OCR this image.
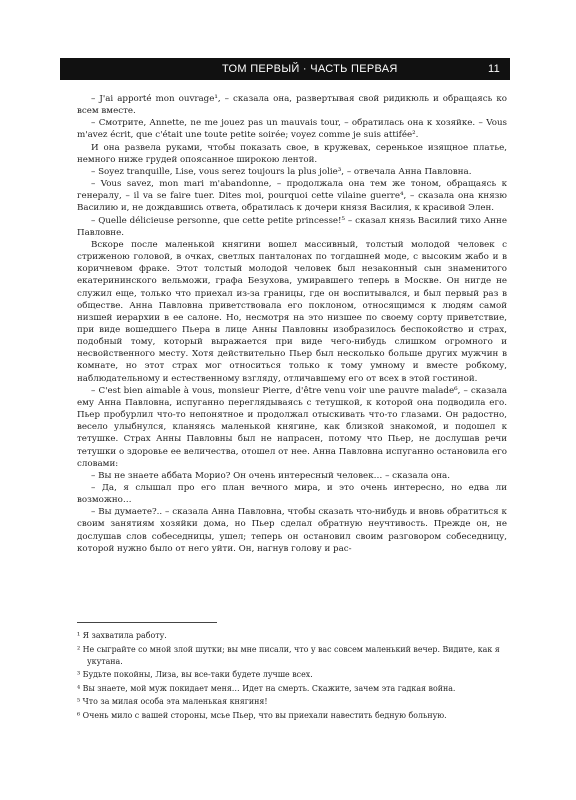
ТОМ ПЕРВЫЙ · ЧАСТЬ ПЕРВАЯ	11

– J'ai apporté mon ouvrage¹, – сказала она, развертывая свой ридикюль и обращаясь ко всем вместе.

– Смотрите, Annette, ne me jouez pas un mauvais tour, – обратилась она к хозяйке. – Vous m'avez écrit, que c'était une toute petite soirée; voyez comme je suis attifée².

И она развела руками, чтобы показать свое, в кружевах, серенькое изящное платье, немного ниже грудей опоясанное широкою лентой.

– Soyez tranquille, Lise, vous serez toujours la plus jolie³, – отвечала Анна Павловна.

– Vous savez, mon mari m'abandonne, – продолжала она тем же тоном, обращаясь к генералу, – il va se faire tuer. Dites moi, pourquoi cette vilaine guerre⁴, – сказала она князю Василию и, не дождавшись ответа, обратилась к дочери князя Василия, к красивой Элен.

– Quelle délicieuse personne, que cette petite princesse!⁵ – сказал князь Василий тихо Анне Павловне.

Вскоре после маленькой княгини вошел массивный, толстый молодой человек с стриженою головой, в очках, светлых панталонах по тогдашней моде, с высоким жабо и в коричневом фраке. Этот толстый молодой человек был незаконный сын знаменитого екатерининского вельможи, графа Безухова, умиравшего теперь в Москве. Он нигде не служил еще, только что приехал из-за границы, где он воспитывался, и был первый раз в обществе. Анна Павловна приветствовала его поклоном, относящимся к людям самой низшей иерархии в ее салоне. Но, несмотря на это низшее по своему сорту приветствие, при виде вошедшего Пьера в лице Анны Павловны изобразилось беспокойство и страх, подобный тому, который выражается при виде чего-нибудь слишком огромного и несвойственного месту. Хотя действительно Пьер был несколько больше других мужчин в комнате, но этот страх мог относиться только к тому умному и вместе робкому, наблюдательному и естественному взгляду, отличавшему его от всех в этой гостиной.

– C'est bien aimable à vous, monsieur Pierre, d'être venu voir une pauvre malade⁶, – сказала ему Анна Павловна, испуганно переглядываясь с тетушкой, к которой она подводила его. Пьер пробурлил что-то непонятное и продолжал отыскивать что-то глазами. Он радостно, весело улыбнулся, кланяясь маленькой княгине, как близкой знакомой, и подошел к тетушке. Страх Анны Павловны был не напрасен, потому что Пьер, не дослушав речи тетушки о здоровье ее величества, отошел от нее. Анна Павловна испуганно остановила его словами:

– Вы не знаете аббата Морио? Он очень интересный человек… – сказала она.

– Да, я слышал про его план вечного мира, и это очень интересно, но едва ли возможно…

– Вы думаете?.. – сказала Анна Павловна, чтобы сказать что-нибудь и вновь обратиться к своим занятиям хозяйки дома, но Пьер сделал обратную неучтивость. Прежде он, не дослушав слов собеседницы, ушел; теперь он остановил своим разговором собеседницу, которой нужно было от него уйти. Он, нагнув голову и рас-

¹ Я захватила работу.
² Не сыграйте со мной злой шутки; вы мне писали, что у вас совсем маленький вечер. Видите, как я укутана.
³ Будьте покойны, Лиза, вы все-таки будете лучше всех.
⁴ Вы знаете, мой муж покидает меня… Идет на смерть. Скажите, зачем эта гадкая война.
⁵ Что за милая особа эта маленькая княгиня!
⁶ Очень мило с вашей стороны, мсье Пьер, что вы приехали навестить бедную больную.
